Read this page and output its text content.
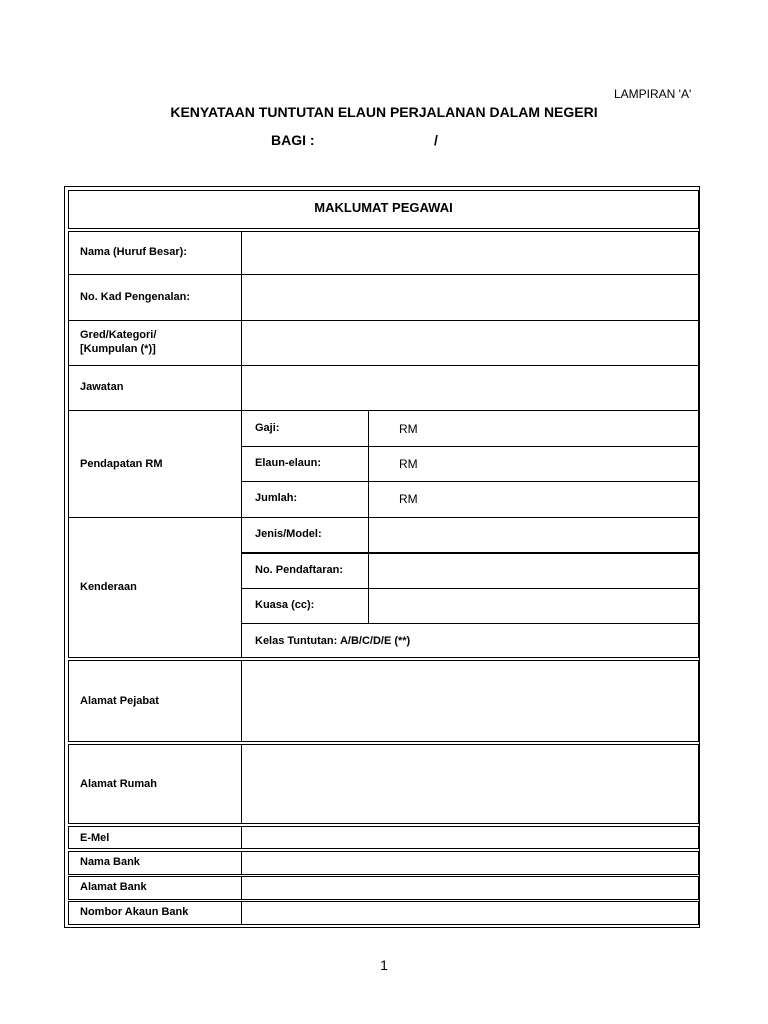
LAMPIRAN 'A'
KENYATAAN TUNTUTAN ELAUN PERJALANAN DALAM NEGERI
BAGI :	/
MAKLUMAT PEGAWAI
Nama (Huruf Besar):
No. Kad Pengenalan:
Gred/Kategori/
[Kumpulan (*)]
Jawatan
Pendapatan RM
Gaji:	RM
Elaun-elaun:	RM
Jumlah:	RM
Kenderaan
Jenis/Model:
No. Pendaftaran:
Kuasa (cc):
Kelas Tuntutan: A/B/C/D/E (**)
Alamat Pejabat
Alamat Rumah
E-Mel
Nama Bank
Alamat Bank
Nombor Akaun Bank
1
